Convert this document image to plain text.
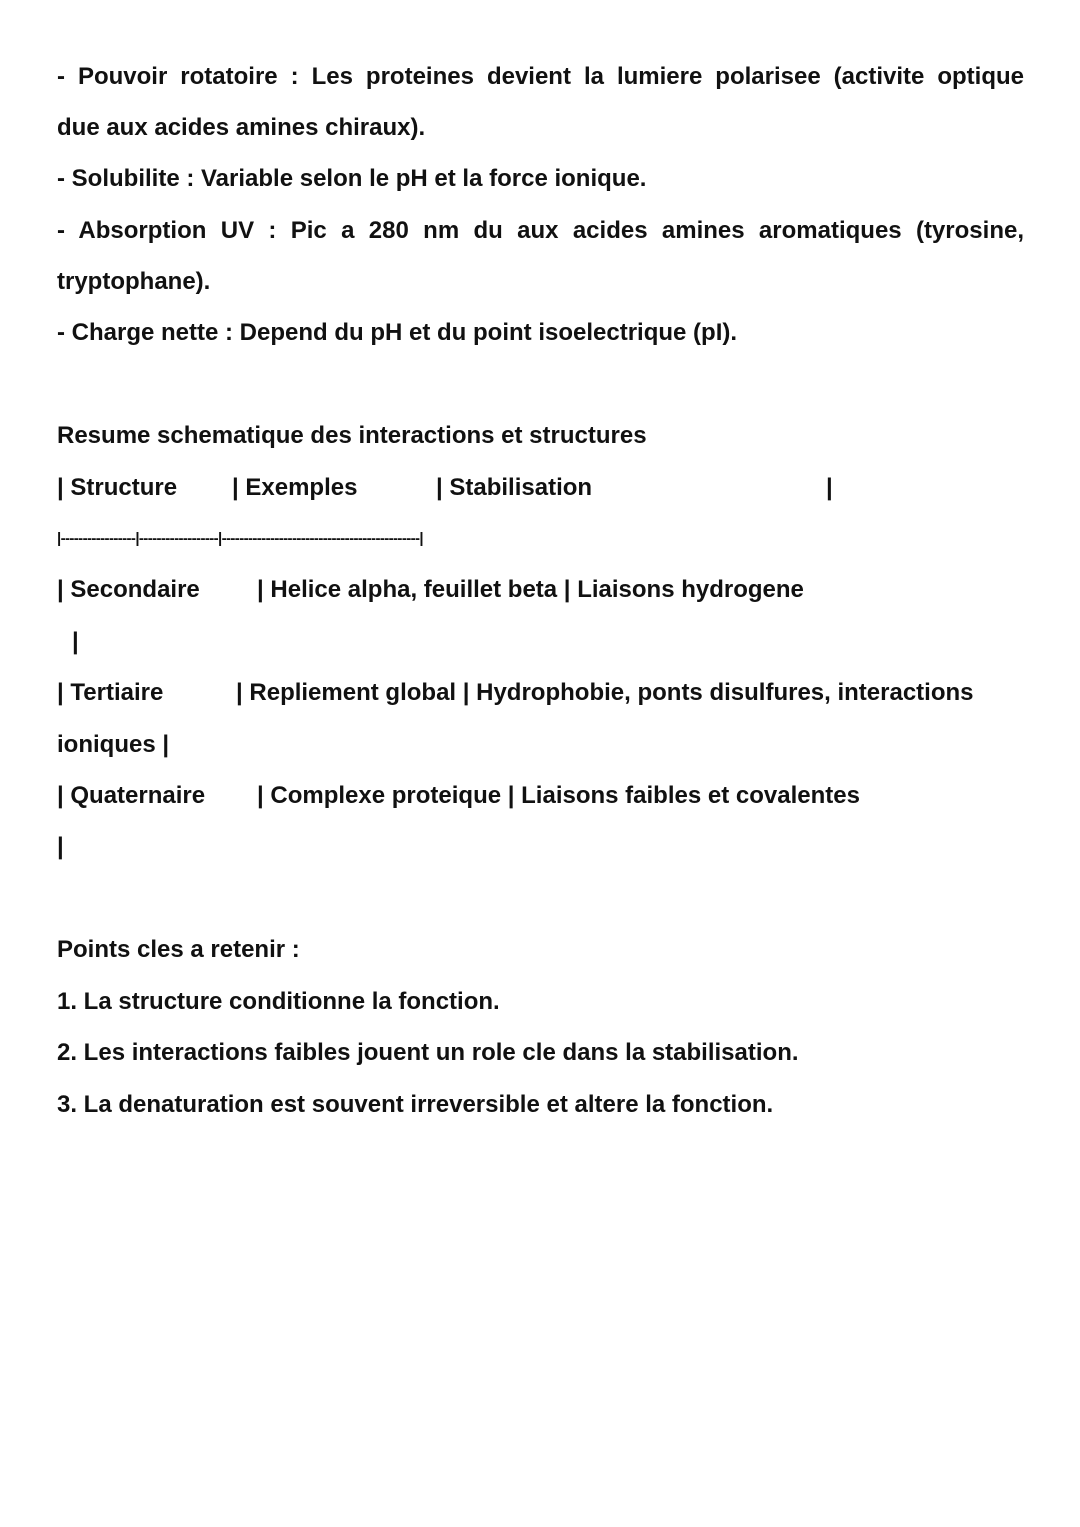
- Pouvoir rotatoire : Les proteines devient la lumiere polarisee (activite optique
due aux acides amines chiraux).
- Solubilite : Variable selon le pH et la force ionique.
- Absorption UV : Pic a 280 nm du aux acides amines aromatiques (tyrosine,
tryptophane).
- Charge nette : Depend du pH et du point isoelectrique (pI).
Resume schematique des interactions et structures
| Structure | Exemples	| Stabilisation	|
|-----------------|------------------|---------------------------------------------|
| Secondaire | Helice alpha, feuillet beta | Liaisons hydrogene
|
| Tertiaire	| Repliement global | Hydrophobie, ponts disulfures, interactions
ioniques |
| Quaternaire | Complexe proteique | Liaisons faibles et covalentes
|
Points cles a retenir :
1. La structure conditionne la fonction.
2. Les interactions faibles jouent un role cle dans la stabilisation.
3. La denaturation est souvent irreversible et altere la fonction.
